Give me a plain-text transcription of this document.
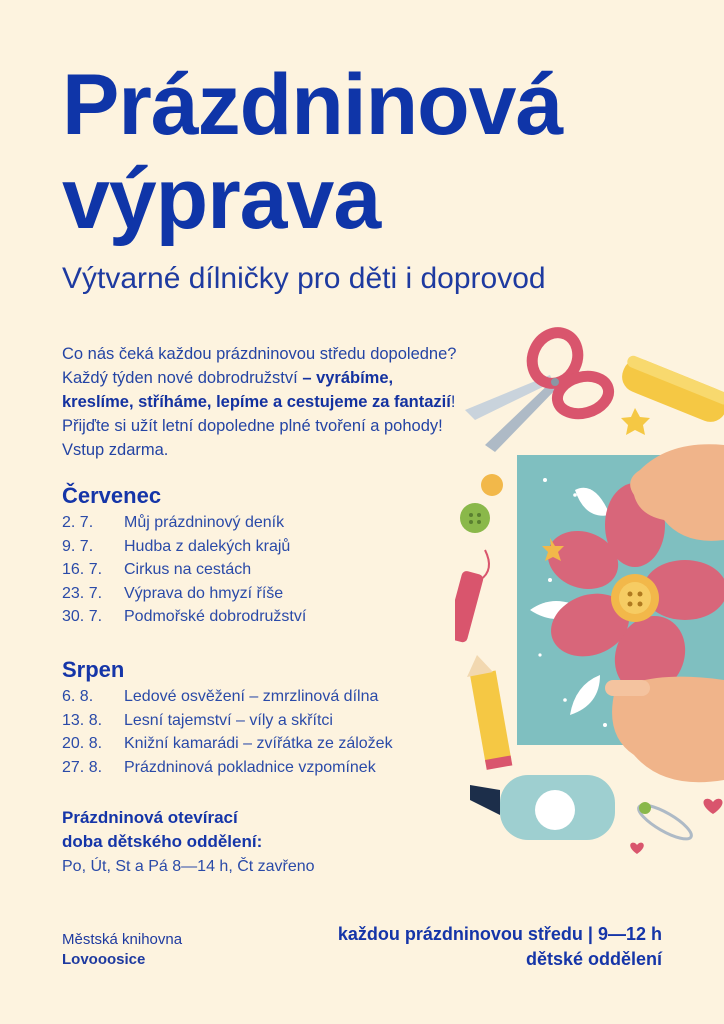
Prázdninová
výprava
Výtvarné dílničky pro děti i doprovod

Co nás čeká každou prázdninovou středu dopoledne? Každý týden nové dobrodružství – vyrábíme, kreslíme, stříháme, lepíme a cestujeme za fantazií! Přijďte si užít letní dopoledne plné tvoření a pohody! Vstup zdarma.

Červenec
2. 7. Můj prázdninový deník
9. 7. Hudba z dalekých krajů
16. 7. Cirkus na cestách
23. 7. Výprava do hmyzí říše
30. 7. Podmořské dobrodružství
Srpen
6. 8. Ledové osvěžení – zmrzlinová dílna
13. 8. Lesní tajemství – víly a skřítci
20. 8. Knižní kamarádi – zvířátka ze záložek
27. 8. Prázdninová pokladnice vzpomínek
Prázdninová otevírací
doba dětského oddělení:
Po, Út, St a Pá 8—14 h, Čt zavřeno
Městská knihovna
Lovooosice
každou prázdninovou středu | 9—12 h
dětské oddělení
